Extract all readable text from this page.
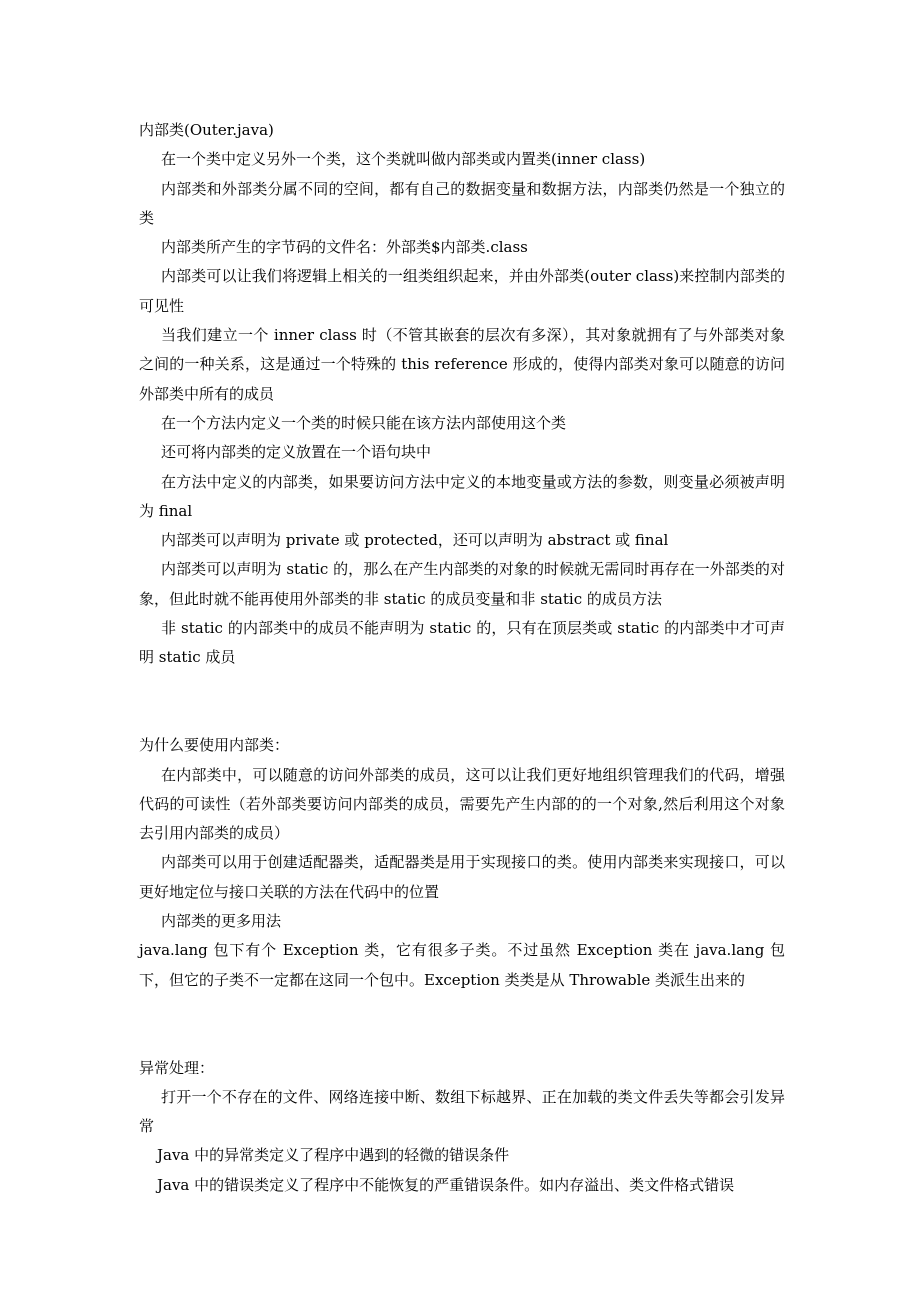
内部类(Outer.java)

在一个类中定义另外一个类，这个类就叫做内部类或内置类(inner class)

内部类和外部类分属不同的空间，都有自己的数据变量和数据方法，内部类仍然是一个独立的类

内部类所产生的字节码的文件名：外部类$内部类.class

内部类可以让我们将逻辑上相关的一组类组织起来，并由外部类(outer class)来控制内部类的可见性

当我们建立一个 inner class 时（不管其嵌套的层次有多深），其对象就拥有了与外部类对象之间的一种关系，这是通过一个特殊的 this reference 形成的，使得内部类对象可以随意的访问外部类中所有的成员

在一个方法内定义一个类的时候只能在该方法内部使用这个类

还可将内部类的定义放置在一个语句块中

在方法中定义的内部类，如果要访问方法中定义的本地变量或方法的参数，则变量必须被声明为 final

内部类可以声明为 private 或 protected，还可以声明为 abstract 或 final

内部类可以声明为 static 的，那么在产生内部类的对象的时候就无需同时再存在一外部类的对象，但此时就不能再使用外部类的非 static 的成员变量和非 static 的成员方法

非 static 的内部类中的成员不能声明为 static 的，只有在顶层类或 static 的内部类中才可声明 static 成员

为什么要使用内部类：

在内部类中，可以随意的访问外部类的成员，这可以让我们更好地组织管理我们的代码，增强代码的可读性（若外部类要访问内部类的成员，需要先产生内部的的一个对象,然后利用这个对象去引用内部类的成员）

内部类可以用于创建适配器类，适配器类是用于实现接口的类。使用内部类来实现接口，可以更好地定位与接口关联的方法在代码中的位置

内部类的更多用法

java.lang 包下有个 Exception 类，它有很多子类。不过虽然 Exception 类在 java.lang 包下，但它的子类不一定都在这同一个包中。Exception 类类是从 Throwable 类派生出来的

异常处理：

打开一个不存在的文件、网络连接中断、数组下标越界、正在加载的类文件丢失等都会引发异常

Java 中的异常类定义了程序中遇到的轻微的错误条件

Java 中的错误类定义了程序中不能恢复的严重错误条件。如内存溢出、类文件格式错误
